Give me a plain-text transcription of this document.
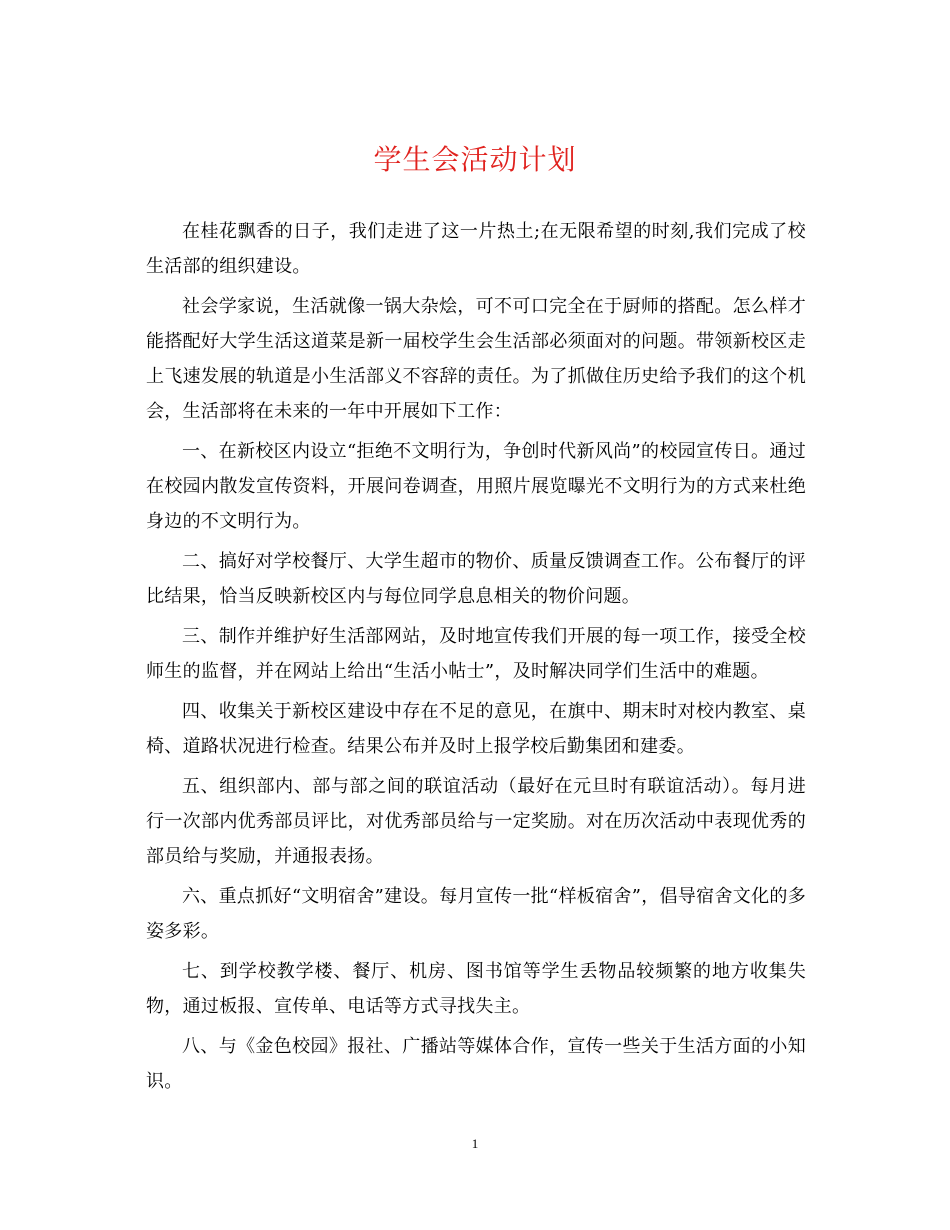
学生会活动计划

在桂花飘香的日子，我们走进了这一片热土;在无限希望的时刻,我们完成了校生活部的组织建设。

社会学家说，生活就像一锅大杂烩，可不可口完全在于厨师的搭配。怎么样才能搭配好大学生活这道菜是新一届校学生会生活部必须面对的问题。带领新校区走上飞速发展的轨道是小生活部义不容辞的责任。为了抓做住历史给予我们的这个机会，生活部将在未来的一年中开展如下工作：

一、在新校区内设立“拒绝不文明行为，争创时代新风尚”的校园宣传日。通过在校园内散发宣传资料，开展问卷调查，用照片展览曝光不文明行为的方式来杜绝身边的不文明行为。

二、搞好对学校餐厅、大学生超市的物价、质量反馈调查工作。公布餐厅的评比结果，恰当反映新校区内与每位同学息息相关的物价问题。

三、制作并维护好生活部网站，及时地宣传我们开展的每一项工作，接受全校师生的监督，并在网站上给出“生活小帖士”，及时解决同学们生活中的难题。

四、收集关于新校区建设中存在不足的意见，在旗中、期末时对校内教室、桌椅、道路状况进行检查。结果公布并及时上报学校后勤集团和建委。

五、组织部内、部与部之间的联谊活动（最好在元旦时有联谊活动）。每月进行一次部内优秀部员评比，对优秀部员给与一定奖励。对在历次活动中表现优秀的部员给与奖励，并通报表扬。

六、重点抓好“文明宿舍”建设。每月宣传一批“样板宿舍”，倡导宿舍文化的多姿多彩。

七、到学校教学楼、餐厅、机房、图书馆等学生丢物品较频繁的地方收集失物，通过板报、宣传单、电话等方式寻找失主。

八、与《金色校园》报社、广播站等媒体合作，宣传一些关于生活方面的小知识。

1
